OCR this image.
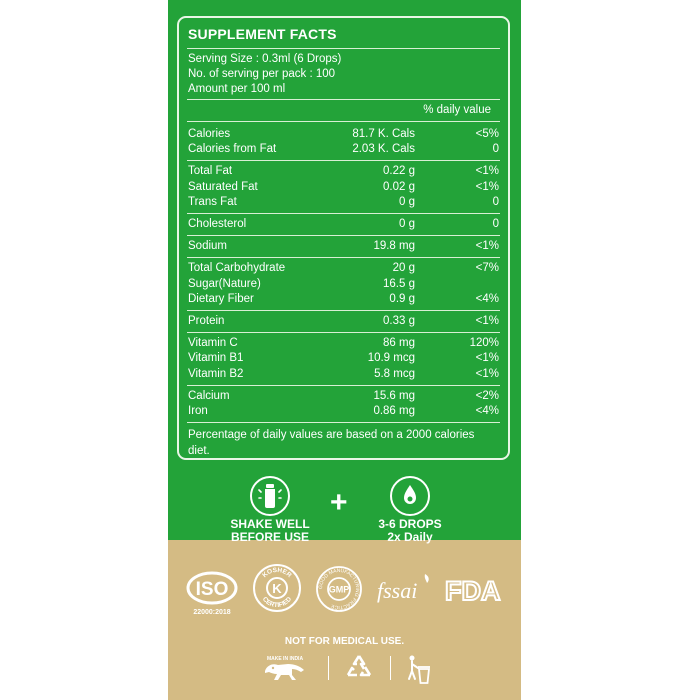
SUPPLEMENT FACTS
Serving Size : 0.3ml (6 Drops)
No. of serving per pack : 100
Amount per 100 ml
% daily value
Calories	81.7 K. Cals	<5%
Calories from Fat	2.03 K. Cals	0
Total Fat	0.22 g	<1%
Saturated Fat	0.02 g	<1%
Trans Fat	0 g	0
Cholesterol	0 g	0
Sodium	19.8 mg	<1%
Total Carbohydrate	20 g	<7%
Sugar(Nature)	16.5 g
Dietary Fiber	0.9 g	<4%
Protein	0.33 g	<1%
Vitamin C	86 mg	120%
Vitamin B1	10.9 mcg	<1%
Vitamin B2	5.8 mcg	<1%
Calcium	15.6 mg	<2%
Iron	0.86 mg	<4%
Percentage of daily values are based on a 2000 calories diet.
SHAKE WELL
BEFORE USE
+
3-6 DROPS
2x Daily
ISO
22000:2018
KOSHER
K
CERTIFIED
GOOD MANUFACTURING PRACTICE
GMP fssai FDA
NOT FOR MEDICAL USE.
MAKE IN INDIA
